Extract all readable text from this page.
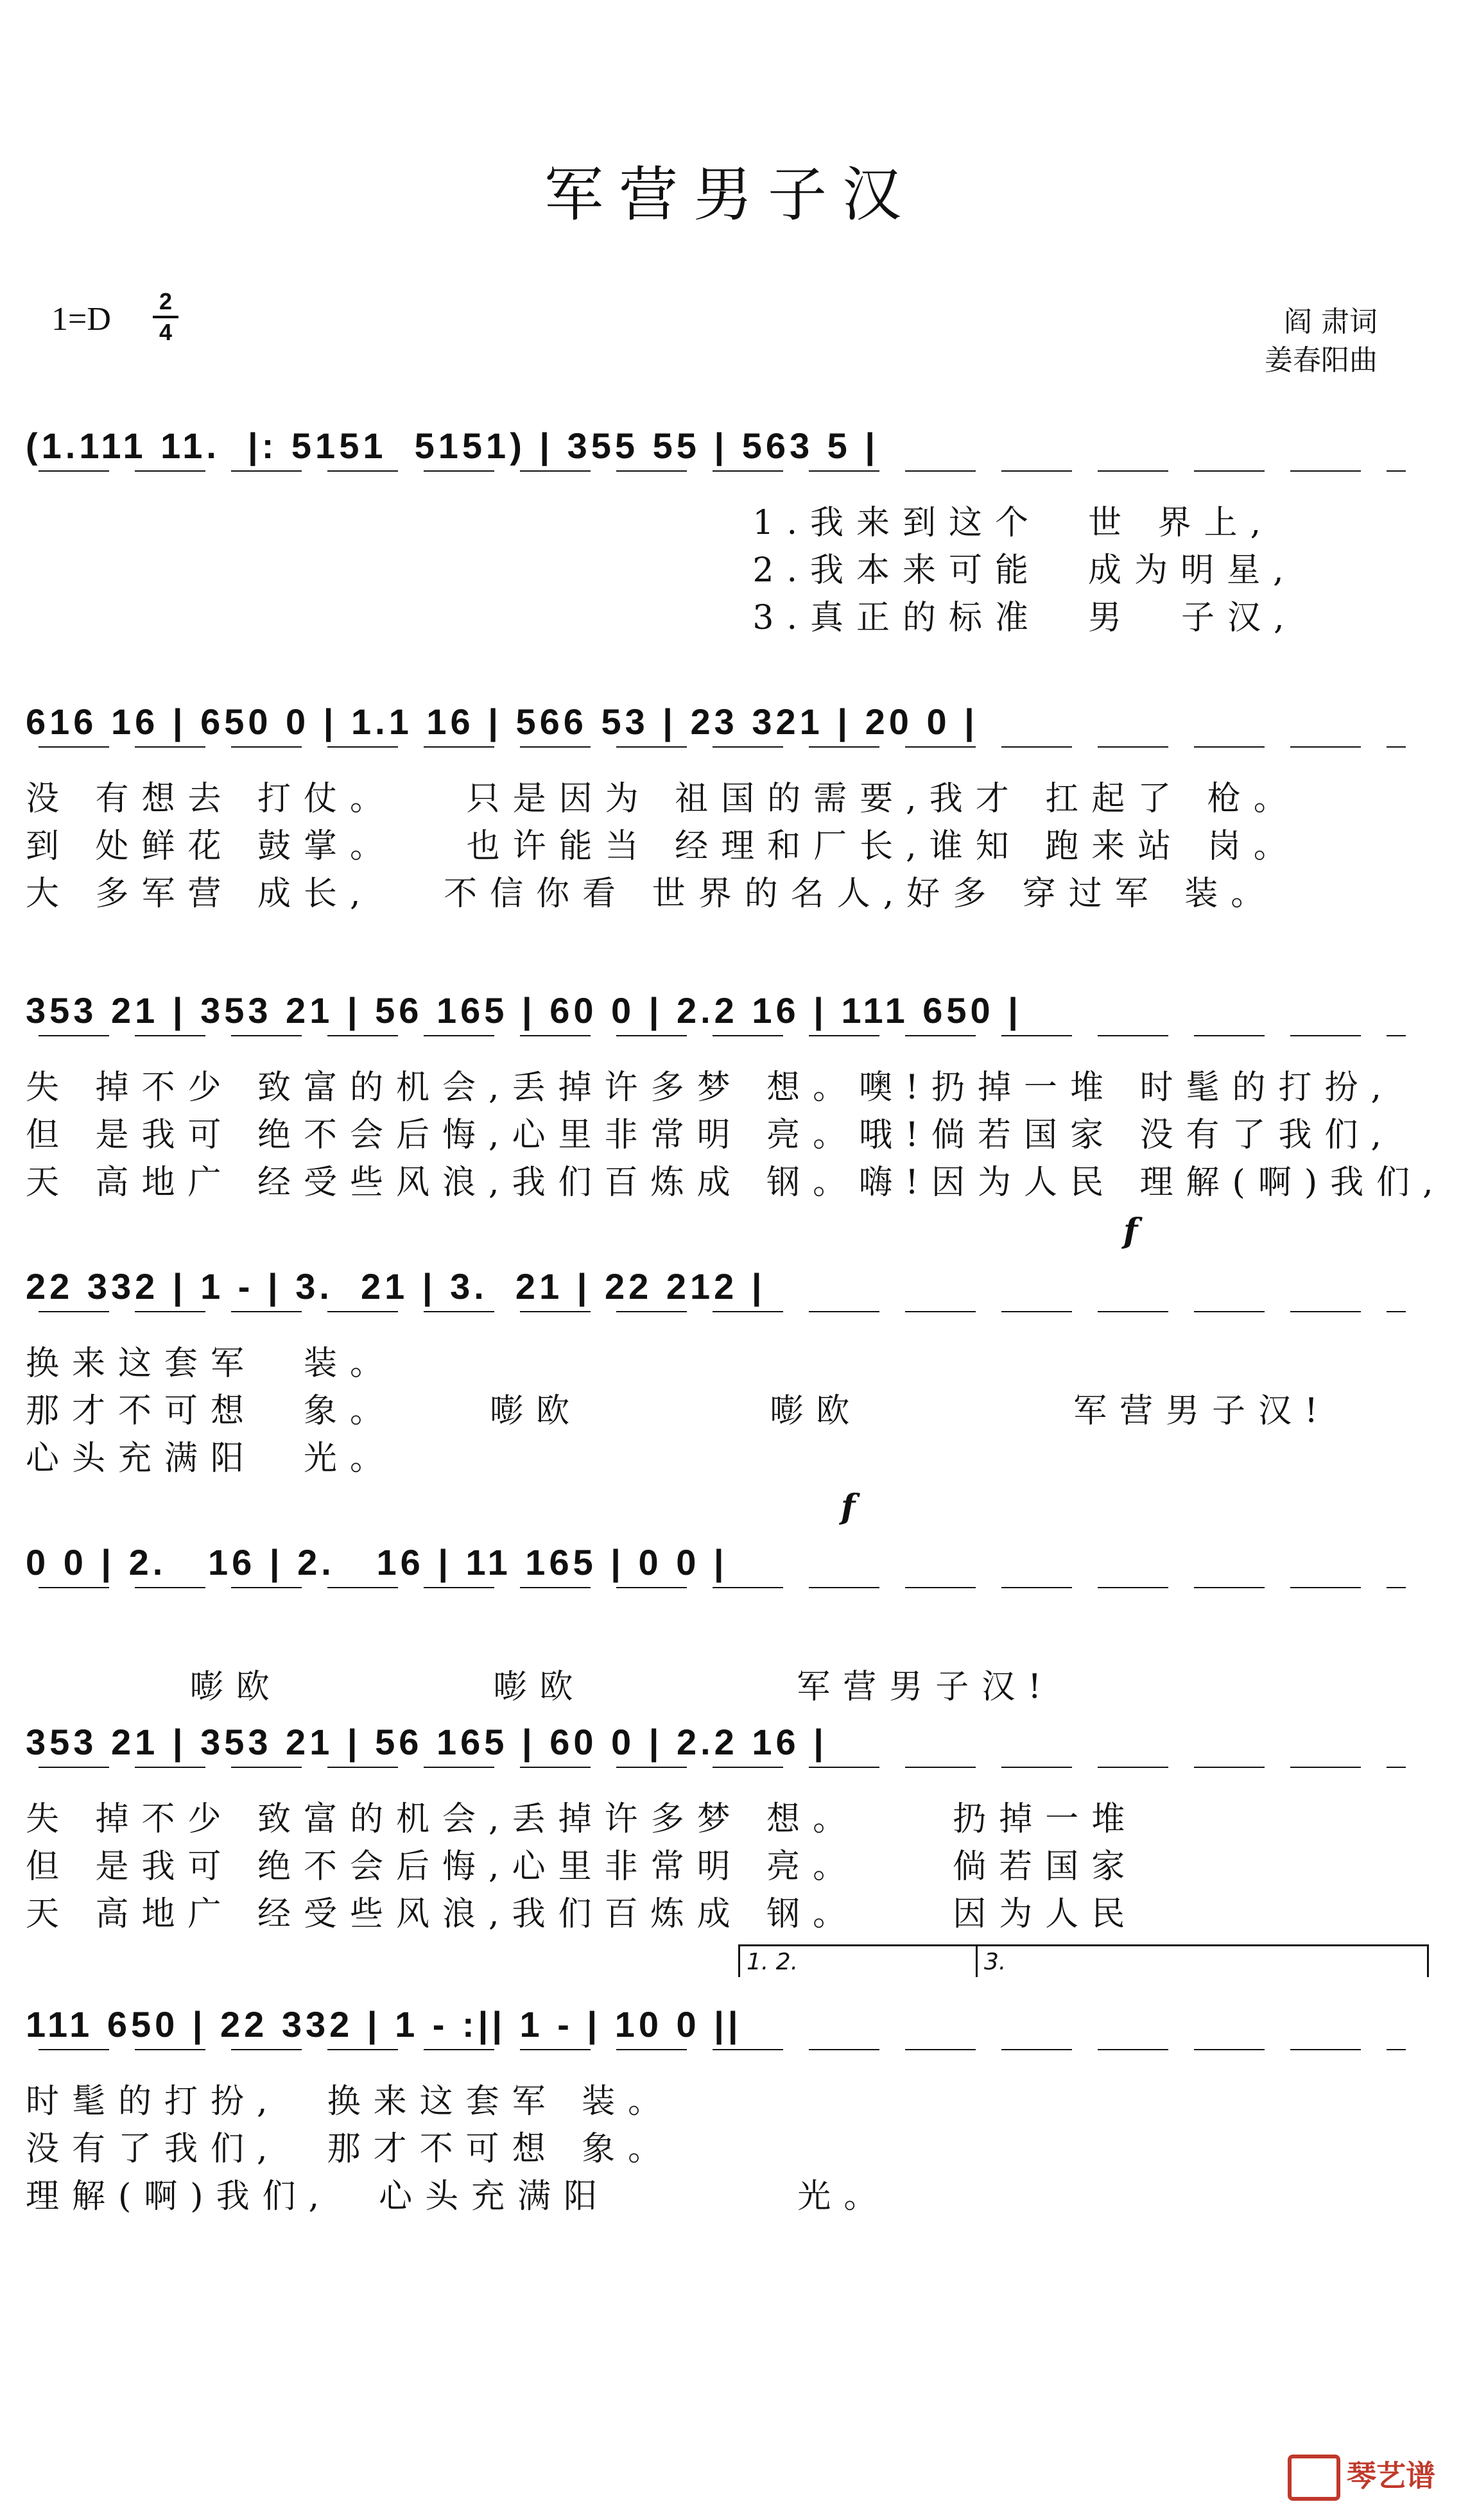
军营男子汉
1=D 2
4	阎 肃词
姜春阳曲
(1.111 11.  |: 5151  5151) | 355 55 | 563 5 |
1.我来到这个  世 界上,
2.我本来可能  成为明星,
3.真正的标准  男  子汉,
616 16 | 650 0 | 1.1 16 | 566 53 | 23 321 | 20 0 |
没 有想去 打仗。   只是因为 祖国的需要,我才 扛起了 枪。
到 处鲜花 鼓掌。   也许能当 经理和厂长,谁知 跑来站 岗。
大 多军营 成长,   不信你看 世界的名人,好多 穿过军 装。
353 21 | 353 21 | 56 165 | 60 0 | 2.2 16 | 111 650 |
失 掉不少 致富的机会,丢掉许多梦 想。噢!扔掉一堆 时髦的打扮,
但 是我可 绝不会后悔,心里非常明 亮。哦!倘若国家 没有了我们,
天 高地广 经受些风浪,我们百炼成 钢。嗨!因为人民 理解(啊)我们,
f
22 332 | 1 - | 3.  21 | 3.  21 | 22 212 |
换来这套军  装。
那才不可想  象。    嘭欧        嘭欧         军营男子汉!
心头充满阳  光。
f
0 0 | 2.   16 | 2.   16 | 11 165 | 0 0 |
嘭欧         嘭欧         军营男子汉!
353 21 | 353 21 | 56 165 | 60 0 | 2.2 16 |
失 掉不少 致富的机会,丢掉许多梦 想。    扔掉一堆
但 是我可 绝不会后悔,心里非常明 亮。    倘若国家
天 高地广 经受些风浪,我们百炼成 钢。    因为人民
1. 2.	3.
111 650 | 22 332 | 1 - :|| 1 - | 10 0 ||
时髦的打扮,  换来这套军 装。
没有了我们,  那才不可想 象。
理解(啊)我们,  心头充满阳        光。
琴艺谱
